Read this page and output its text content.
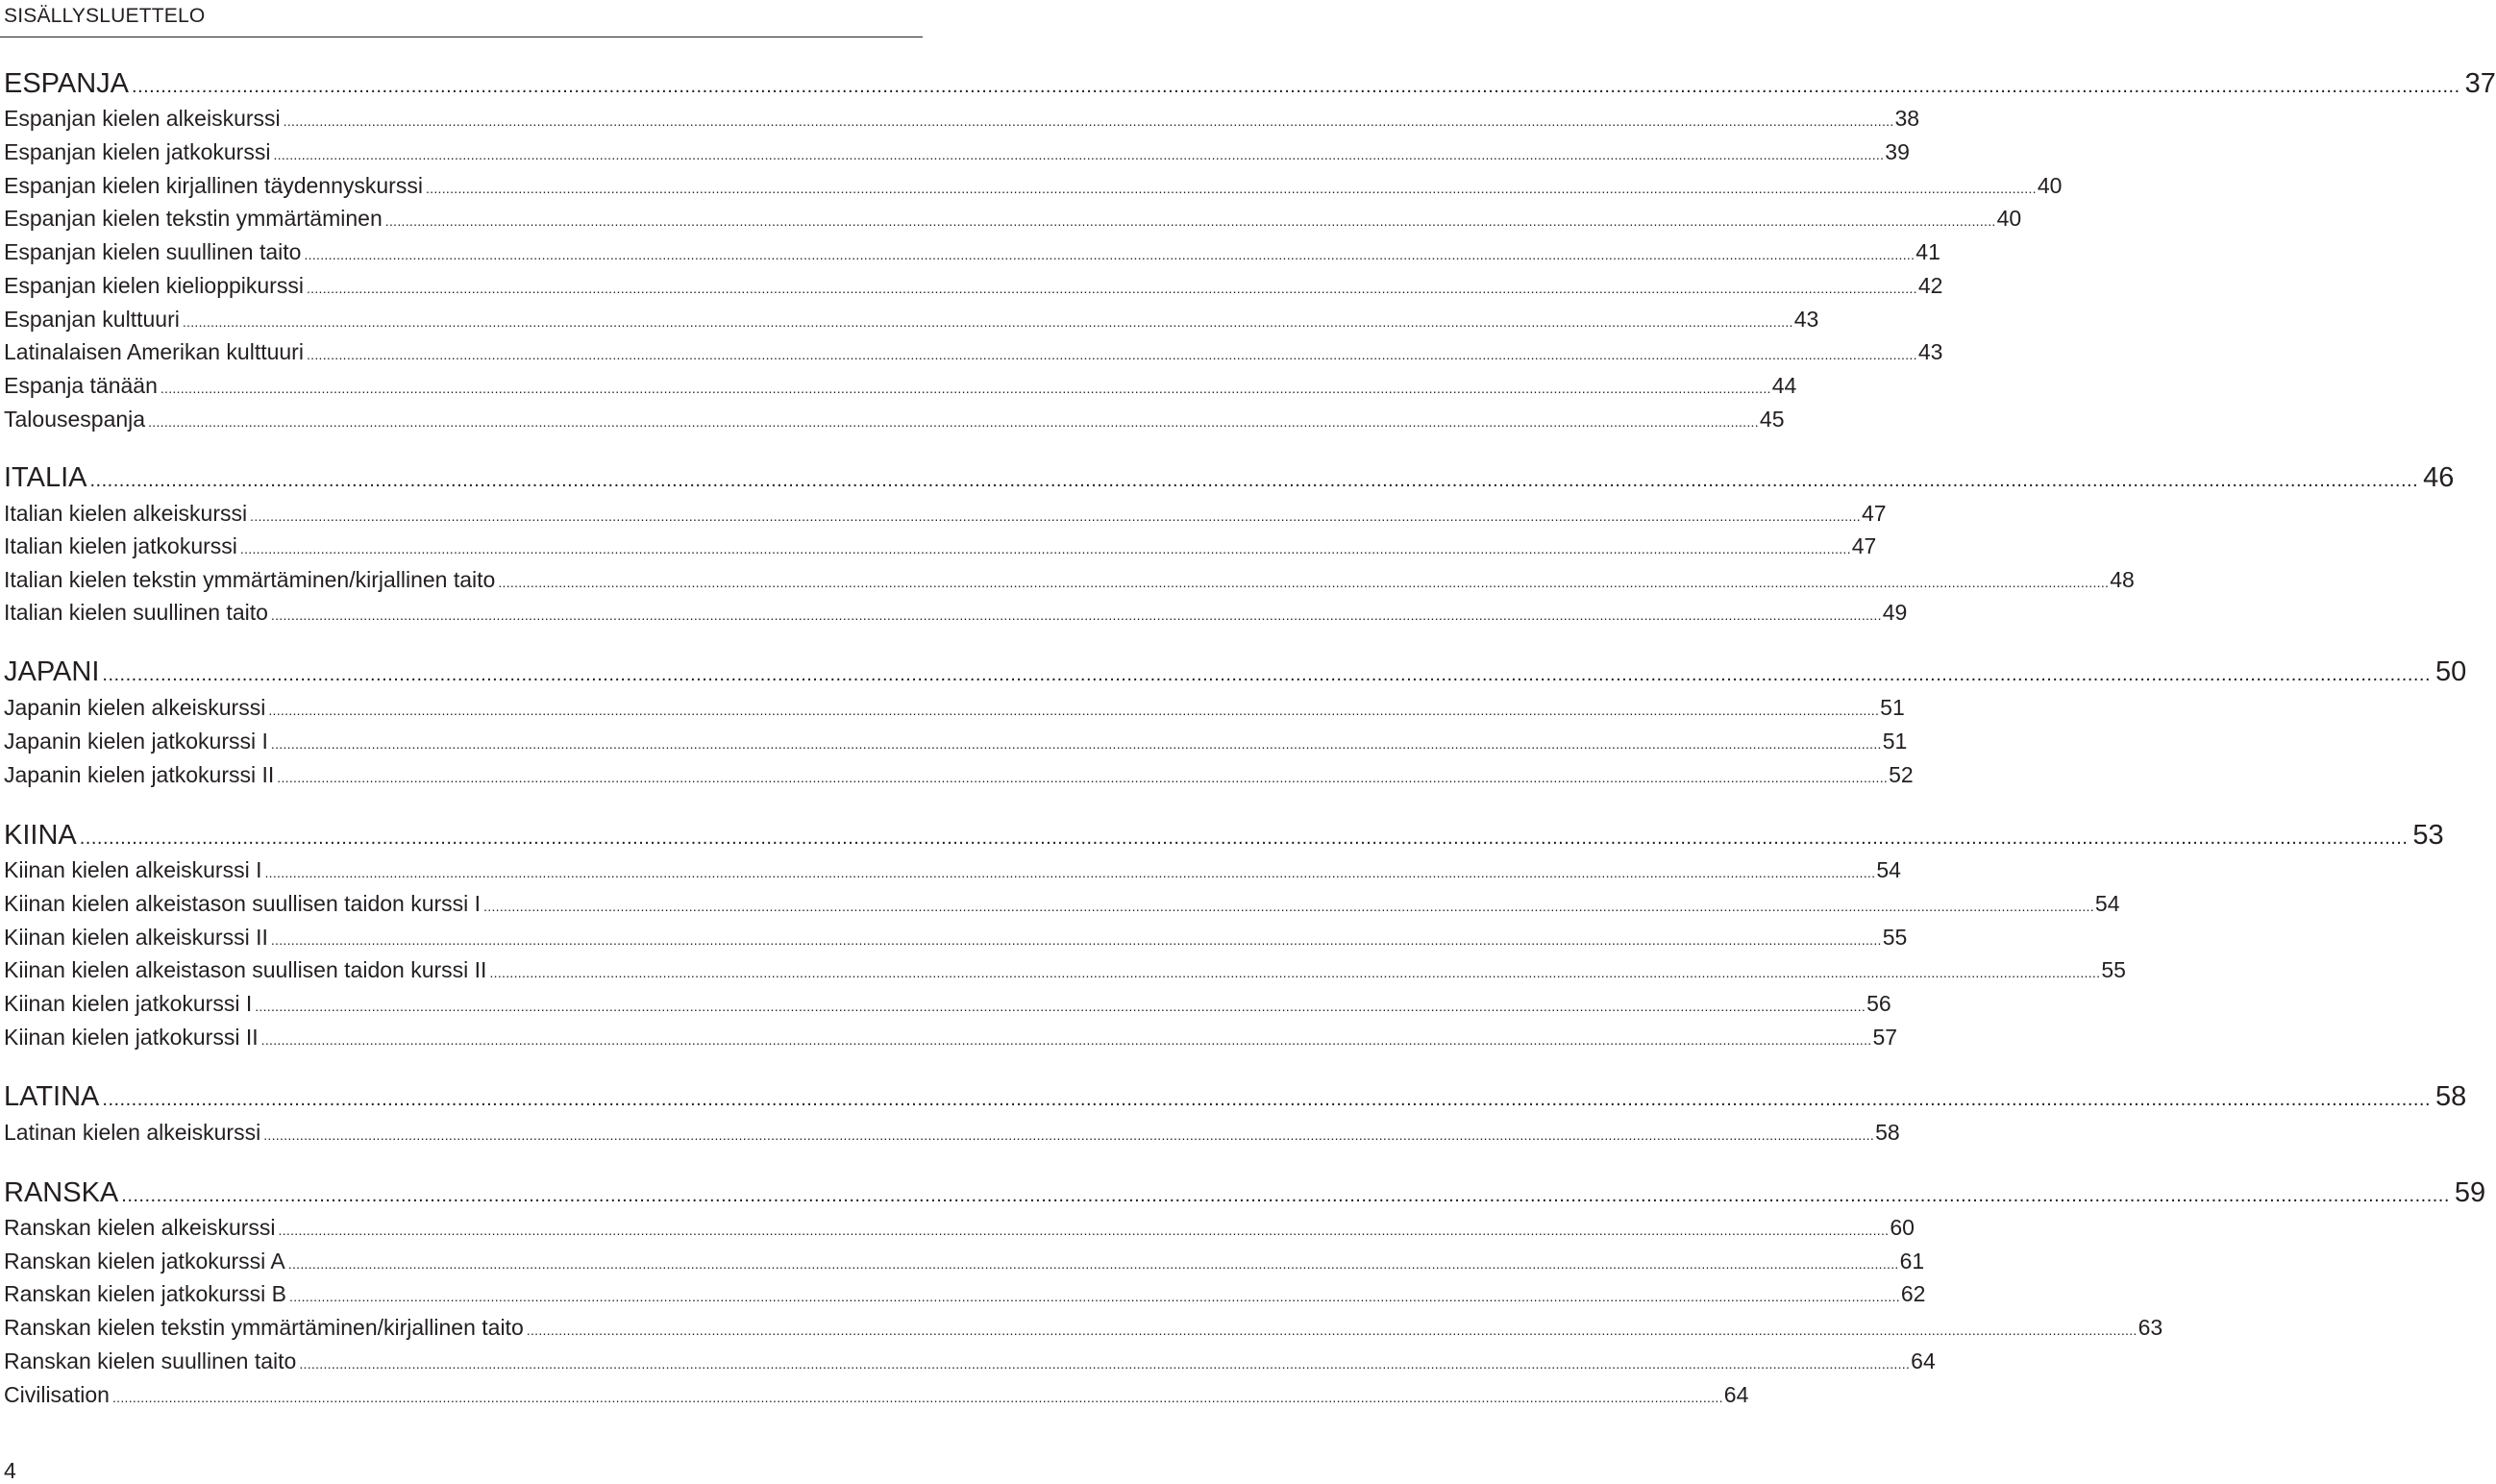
SISÄLLYSLUETTELO
ESPANJA ................................................................................................................................................................................................................................................................................................................................................................................................................ 37
Espanjan kielen alkeiskurssi ................................................................................................................................................................................................................................................................................................................................................................................................................ 38
Espanjan kielen jatkokurssi ................................................................................................................................................................................................................................................................................................................................................................................................................ 39
Espanjan kielen kirjallinen täydennyskurssi ................................................................................................................................................................................................................................................................................................................................................................................................................ 40
Espanjan kielen tekstin ymmärtäminen ................................................................................................................................................................................................................................................................................................................................................................................................................ 40
Espanjan kielen suullinen taito ................................................................................................................................................................................................................................................................................................................................................................................................................ 41
Espanjan kielen kielioppikurssi ................................................................................................................................................................................................................................................................................................................................................................................................................ 42
Espanjan kulttuuri ................................................................................................................................................................................................................................................................................................................................................................................................................ 43
Latinalaisen Amerikan kulttuuri ................................................................................................................................................................................................................................................................................................................................................................................................................ 43
Espanja tänään ................................................................................................................................................................................................................................................................................................................................................................................................................ 44
Talousespanja ................................................................................................................................................................................................................................................................................................................................................................................................................ 45
ITALIA ................................................................................................................................................................................................................................................................................................................................................................................................................ 46
Italian kielen alkeiskurssi ................................................................................................................................................................................................................................................................................................................................................................................................................ 47
Italian kielen jatkokurssi ................................................................................................................................................................................................................................................................................................................................................................................................................ 47
Italian kielen tekstin ymmärtäminen/kirjallinen taito ................................................................................................................................................................................................................................................................................................................................................................................................................ 48
Italian kielen suullinen taito ................................................................................................................................................................................................................................................................................................................................................................................................................ 49
JAPANI ................................................................................................................................................................................................................................................................................................................................................................................................................ 50
Japanin kielen alkeiskurssi ................................................................................................................................................................................................................................................................................................................................................................................................................ 51
Japanin kielen jatkokurssi I ................................................................................................................................................................................................................................................................................................................................................................................................................ 51
Japanin kielen jatkokurssi II ................................................................................................................................................................................................................................................................................................................................................................................................................ 52
KIINA ................................................................................................................................................................................................................................................................................................................................................................................................................ 53
Kiinan kielen alkeiskurssi I ................................................................................................................................................................................................................................................................................................................................................................................................................ 54
Kiinan kielen alkeistason suullisen taidon kurssi I ................................................................................................................................................................................................................................................................................................................................................................................................................ 54
Kiinan kielen alkeiskurssi II ................................................................................................................................................................................................................................................................................................................................................................................................................ 55
Kiinan kielen alkeistason suullisen taidon kurssi II ................................................................................................................................................................................................................................................................................................................................................................................................................ 55
Kiinan kielen jatkokurssi I ................................................................................................................................................................................................................................................................................................................................................................................................................ 56
Kiinan kielen jatkokurssi II ................................................................................................................................................................................................................................................................................................................................................................................................................ 57
LATINA ................................................................................................................................................................................................................................................................................................................................................................................................................ 58
Latinan kielen alkeiskurssi ................................................................................................................................................................................................................................................................................................................................................................................................................ 58
RANSKA ................................................................................................................................................................................................................................................................................................................................................................................................................ 59
Ranskan kielen alkeiskurssi ................................................................................................................................................................................................................................................................................................................................................................................................................ 60
Ranskan kielen jatkokurssi A ................................................................................................................................................................................................................................................................................................................................................................................................................ 61
Ranskan kielen jatkokurssi B ................................................................................................................................................................................................................................................................................................................................................................................................................ 62
Ranskan kielen tekstin ymmärtäminen/kirjallinen taito ................................................................................................................................................................................................................................................................................................................................................................................................................ 63
Ranskan kielen suullinen taito ................................................................................................................................................................................................................................................................................................................................................................................................................ 64
Civilisation ................................................................................................................................................................................................................................................................................................................................................................................................................ 64
4
